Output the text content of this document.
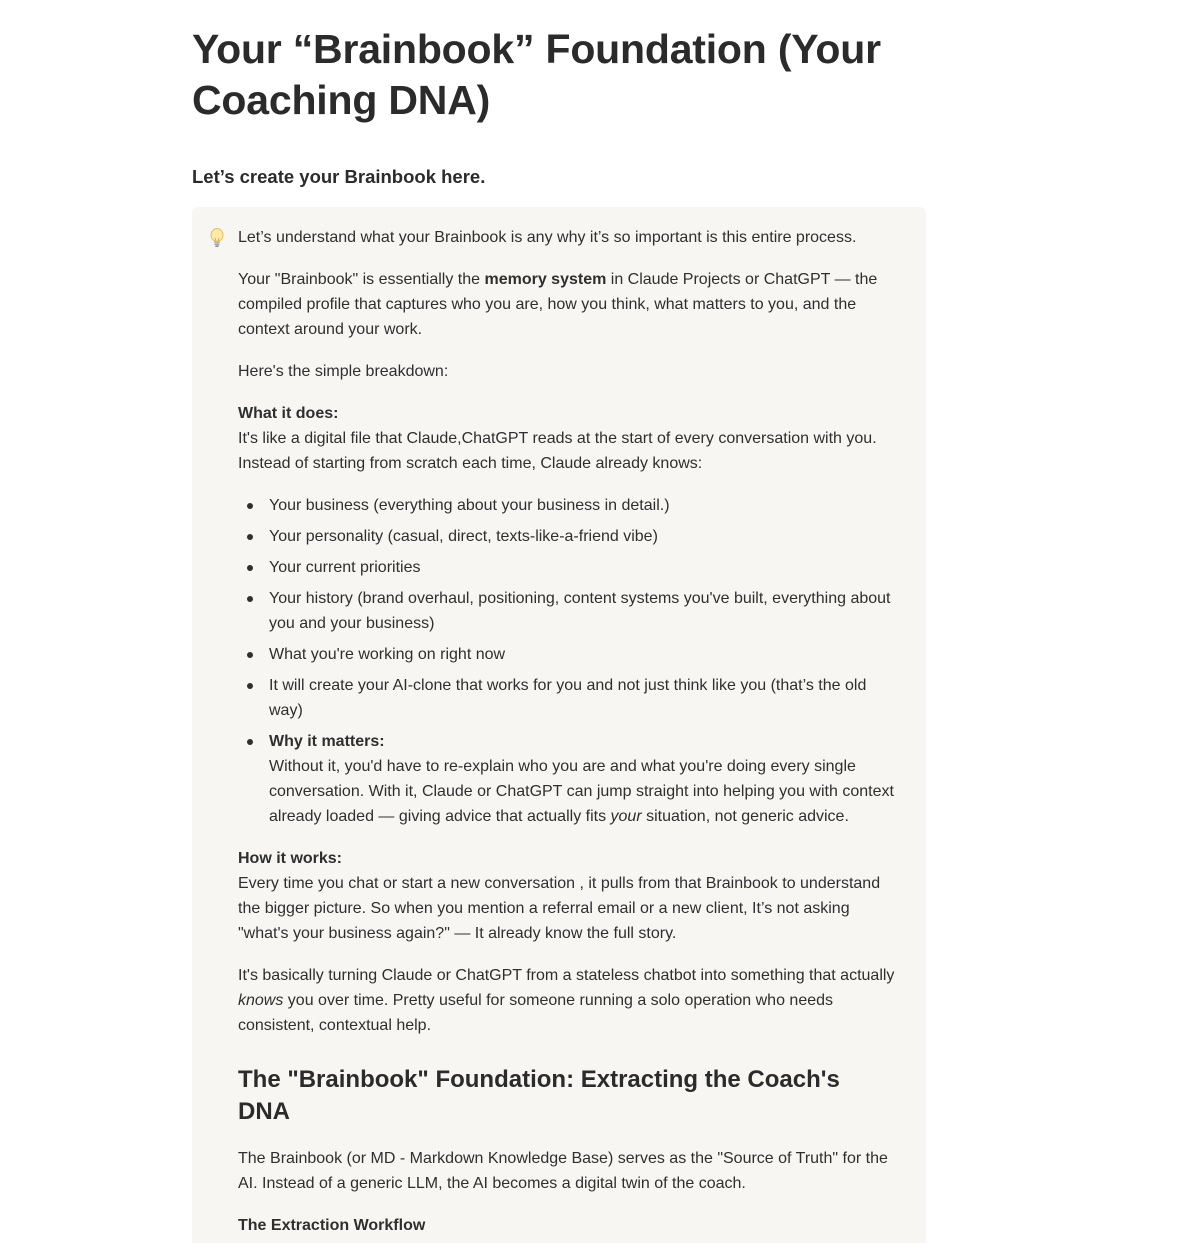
Your “Brainbook” Foundation (Your Coaching DNA)
Let’s create your Brainbook here.

Let’s understand what your Brainbook is any why it’s so important is this entire process.

Your "Brainbook" is essentially the memory system in Claude Projects or ChatGPT — the compiled profile that captures who you are, how you think, what matters to you, and the context around your work.

Here's the simple breakdown:

What it does:
It's like a digital file that Claude,ChatGPT reads at the start of every conversation with you. Instead of starting from scratch each time, Claude already knows:

Your business (everything about your business in detail.)
Your personality (casual, direct, texts-like-a-friend vibe)
Your current priorities
Your history (brand overhaul, positioning, content systems you've built, everything about you and your business)
What you're working on right now
It will create your AI-clone that works for you and not just think like you (that’s the old way)
Why it matters:
Without it, you'd have to re-explain who you are and what you're doing every single conversation. With it, Claude or ChatGPT can jump straight into helping you with context already loaded — giving advice that actually fits your situation, not generic advice.

How it works:
Every time you chat or start a new conversation , it pulls from that Brainbook to understand the bigger picture. So when you mention a referral email or a new client, It’s not asking "what's your business again?" — It already know the full story.

It's basically turning Claude or ChatGPT from a stateless chatbot into something that actually knows you over time. Pretty useful for someone running a solo operation who needs consistent, contextual help.

The "Brainbook" Foundation: Extracting the Coach's DNA

The Brainbook (or MD - Markdown Knowledge Base) serves as the "Source of Truth" for the AI. Instead of a generic LLM, the AI becomes a digital twin of the coach.

The Extraction Workflow
